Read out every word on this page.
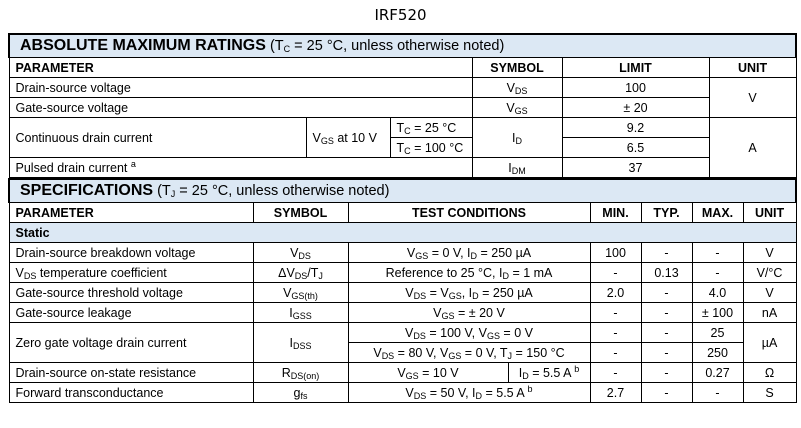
IRF520
ABSOLUTE MAXIMUM RATINGS ($T_C = 25$ °C, unless otherwise noted)					
PARAMETER			SYMBOL	LIMIT	UNIT
Drain-source voltage			$V_{DS}$	100	V
Gate-source voltage			$V_{GS}$	± 20	
Continuous drain current	$V_{GS}$ at 10 V	$T_C = 25$ °C	$I_D$	9.2	A
		$T_C = 100$ °C		6.5	
Pulsed drain current $^a$			$I_{DM}$	37	
SPECIFICATIONS ($T_J = 25$ °C, unless otherwise noted)							
PARAMETER	SYMBOL	TEST CONDITIONS		MIN.	TYP.	MAX.	UNIT
Static							
Drain-source breakdown voltage	$V_{DS}$	$V_{GS} = 0$ V, $I_D = 250$ µA		100	-	-	V
$V_{DS}$ temperature coefficient	$\Delta V_{DS}/T_J$	Reference to 25 °C, $I_D = 1$ mA		-	0.13	-	V/°C
Gate-source threshold voltage	$V_{GS(th)}$	$V_{DS} = V_{GS}$, $I_D = 250$ µA		2.0	-	4.0	V
Gate-source leakage	$I_{GSS}$	$V_{GS}$ = ± 20 V		-	-	± 100	nA
Zero gate voltage drain current	$I_{DSS}$	$V_{DS} = 100$ V, $V_{GS} = 0$ V		-	-	25	µA
		$V_{DS} = 80$ V, $V_{GS} = 0$ V, $T_J = 150$ °C		-	-	250	
Drain-source on-state resistance	$R_{DS(on)}$	$V_{GS} = 10$ V	$I_D = 5.5$ A $^b$	-	-	0.27	Ω
Forward transconductance	$g_{fs}$	$V_{DS} = 50$ V, $I_D = 5.5$ A $^b$		2.7	-	-	S
